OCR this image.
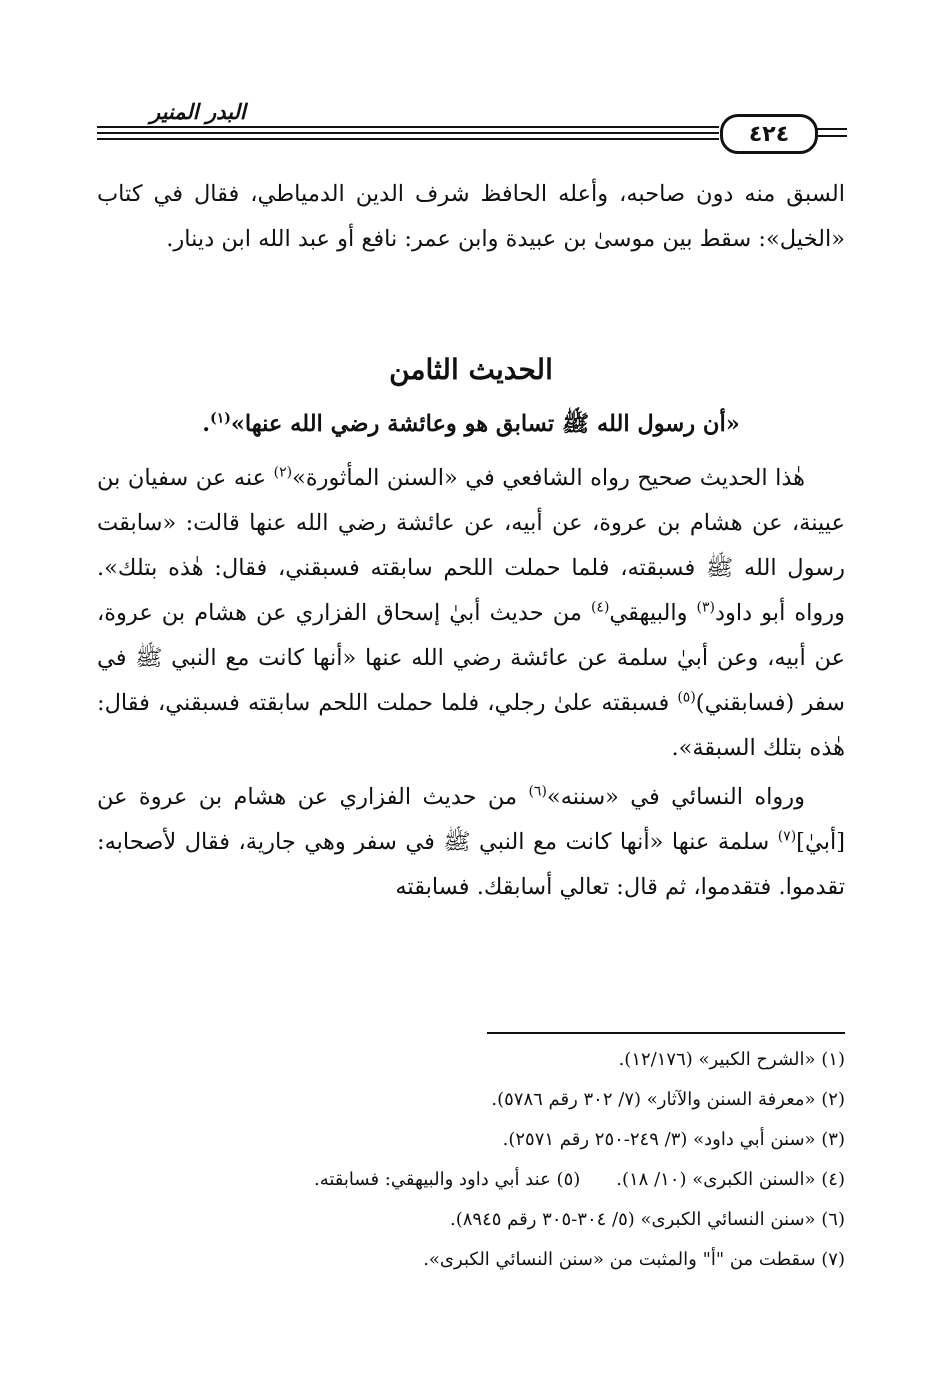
البدر المنير
٤٢٤

السبق منه دون صاحبه، وأعله الحافظ شرف الدين الدمياطي، فقال في كتاب «الخيل»: سقط بين موسىٰ بن عبيدة وابن عمر: نافع أو عبد الله ابن دينار.

الحديث الثامن
«أن رسول الله ﷺ تسابق هو وعائشة رضي الله عنها»$^{(١)}$.

هٰذا الحديث صحيح رواه الشافعي في «السنن المأثورة»$^{(٢)}$ عنه عن سفيان بن عيينة، عن هشام بن عروة، عن أبيه، عن عائشة رضي الله عنها قالت: «سابقت رسول الله ﷺ فسبقته، فلما حملت اللحم سابقته فسبقني، فقال: هٰذه بتلك». ورواه أبو داود$^{(٣)}$ والبيهقي$^{(٤)}$ من حديث أبيٰ إسحاق الفزاري عن هشام بن عروة، عن أبيه، وعن أبيٰ سلمة عن عائشة رضي الله عنها «أنها كانت مع النبي ﷺ في سفر (فسابقني)$^{(٥)}$ فسبقته علىٰ رجلي، فلما حملت اللحم سابقته فسبقني، فقال: هٰذه بتلك السبقة».

ورواه النسائي في «سننه»$^{(٦)}$ من حديث الفزاري عن هشام بن عروة عن [أبيٰ]$^{(٧)}$ سلمة عنها «أنها كانت مع النبي ﷺ في سفر وهي جارية، فقال لأصحابه: تقدموا. فتقدموا، ثم قال: تعالي أسابقك. فسابقته

(١) «الشرح الكبير» (١٢/١٧٦).
(٢) «معرفة السنن والآثار» (٧/ ٣٠٢ رقم ٥٧٨٦).
(٣) «سنن أبي داود» (٣/ ٢٤٩-٢٥٠ رقم ٢٥٧١).
(٤) «السنن الكبرى» (١٠/ ١٨).
(٥) عند أبي داود والبيهقي: فسابقته.
(٦) «سنن النسائي الكبرى» (٥/ ٣٠٤-٣٠٥ رقم ٨٩٤٥).
(٧) سقطت من "أ" والمثبت من «سنن النسائي الكبرى».
